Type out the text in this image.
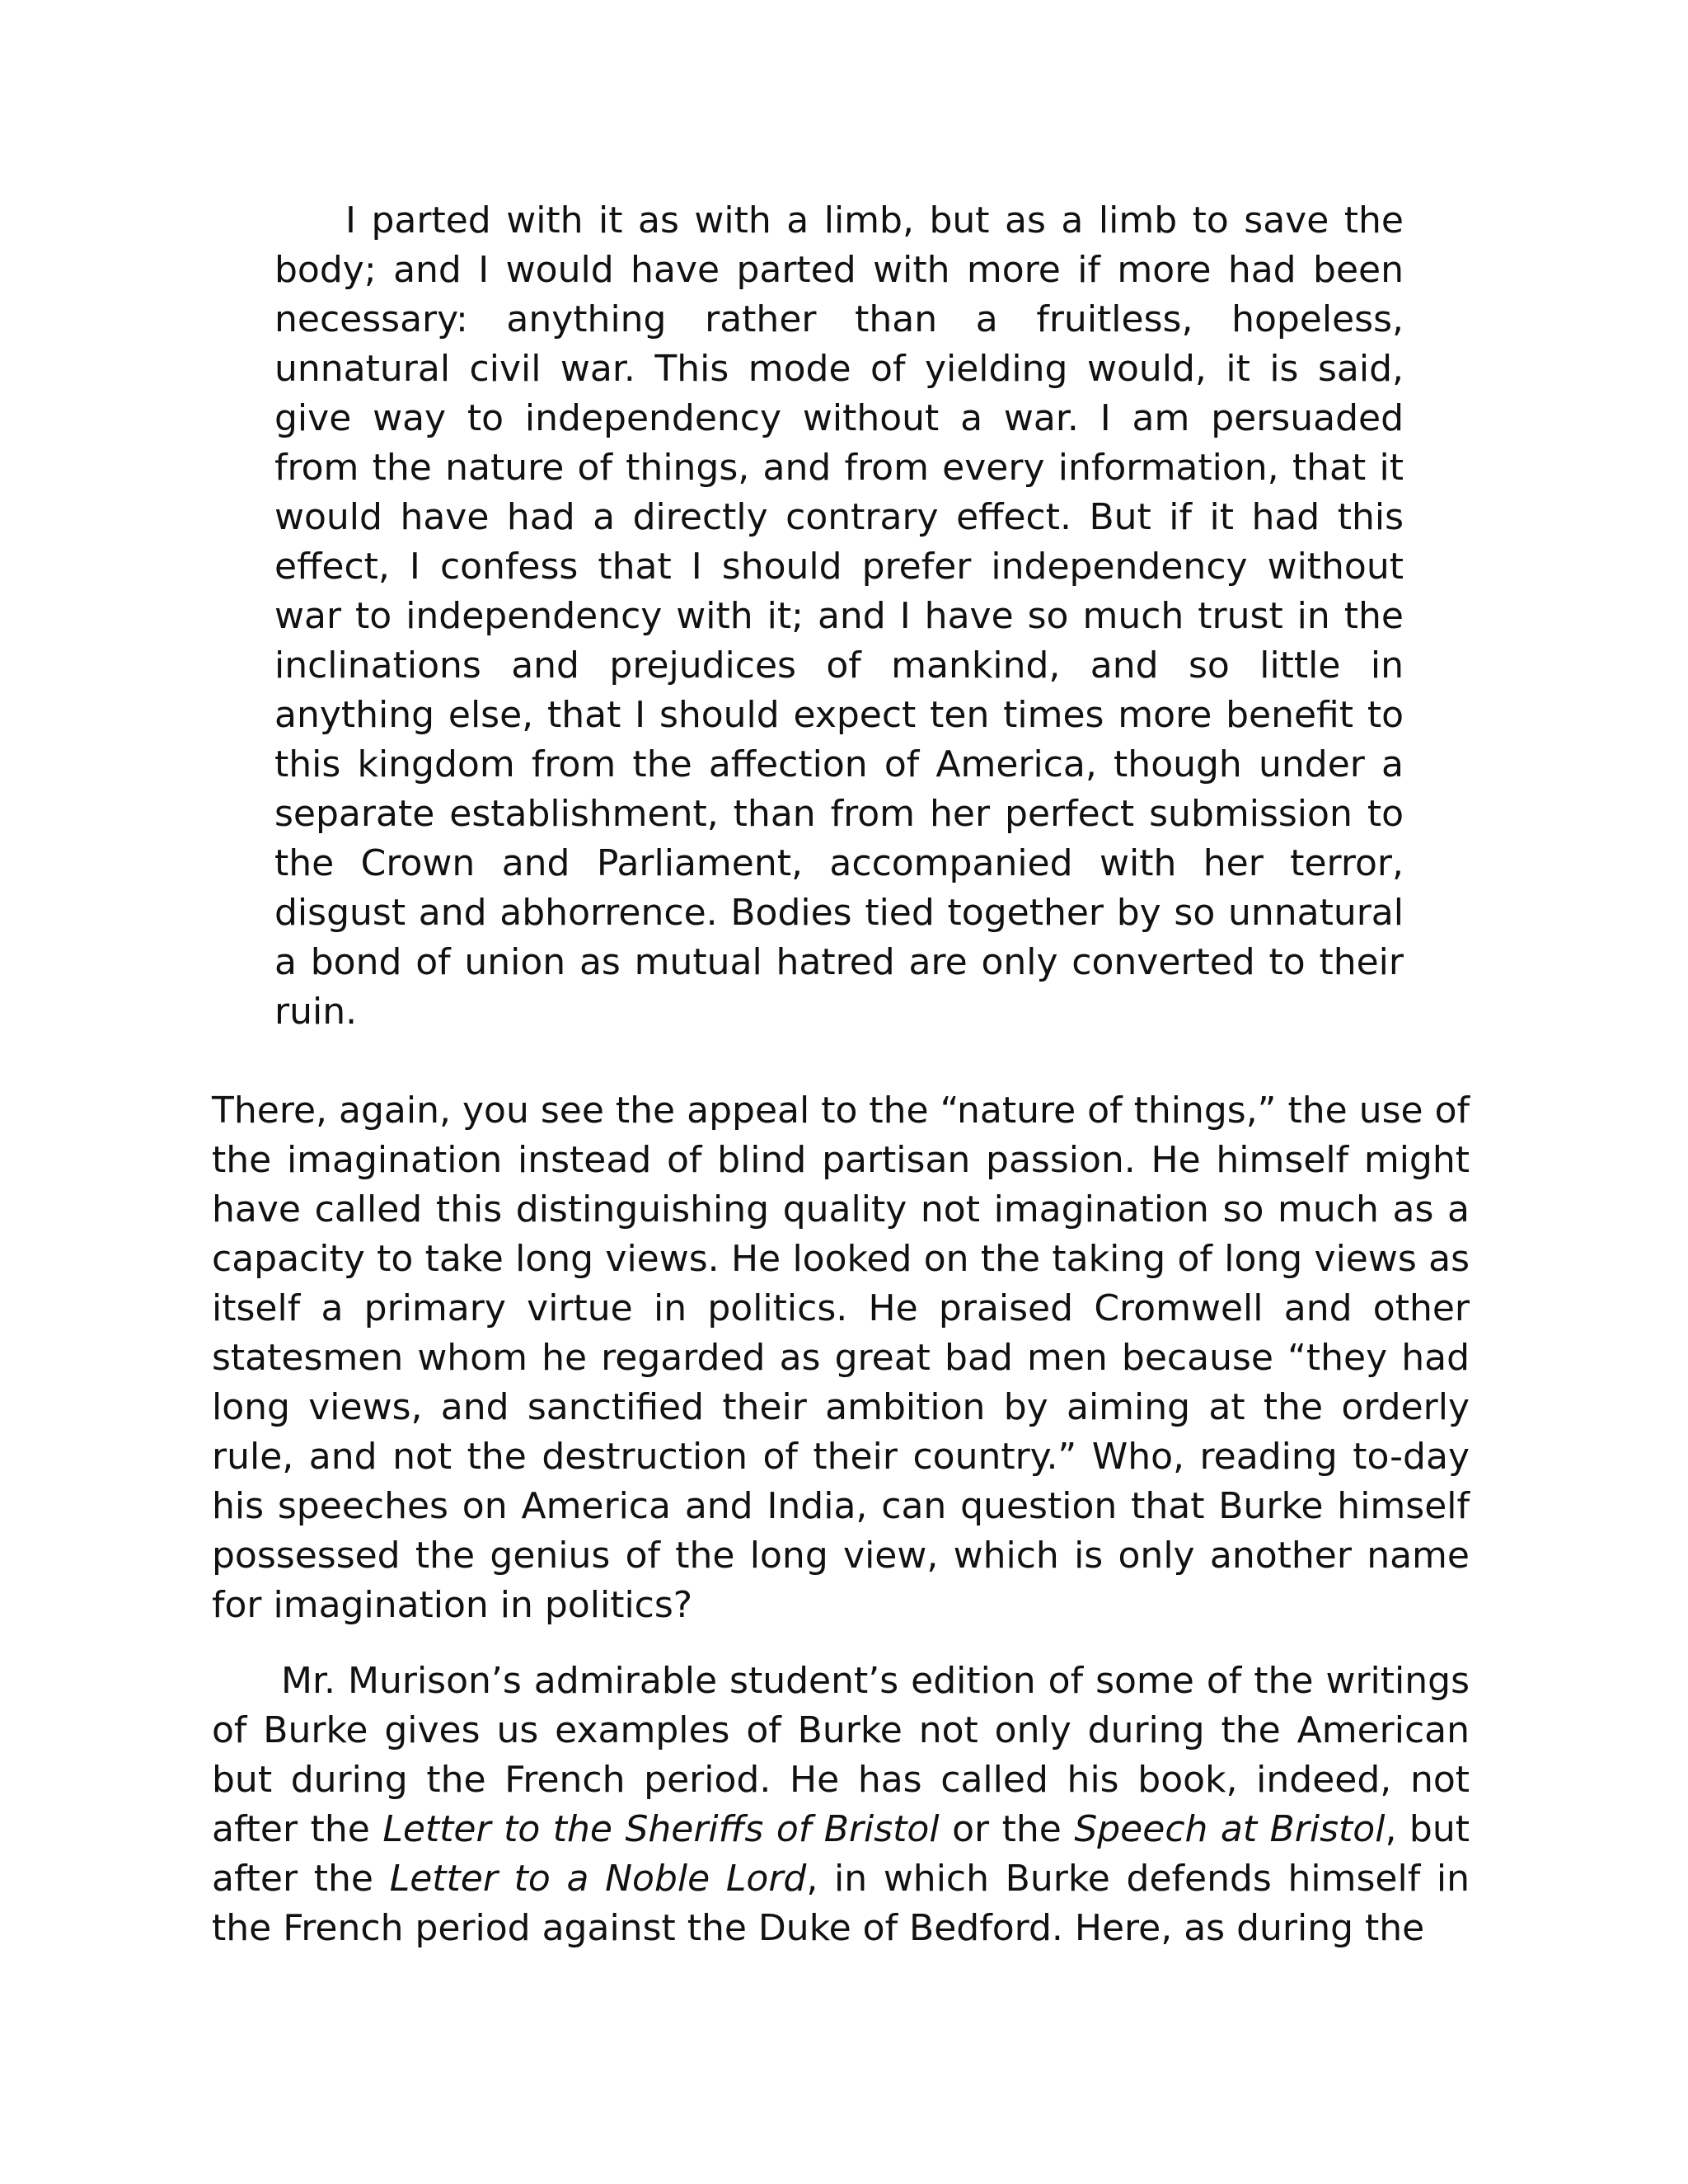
I parted with it as with a limb, but as a limb to save the body; and I would have parted with more if more had been necessary: anything rather than a fruitless, hopeless, unnatural civil war. This mode of yielding would, it is said, give way to independency without a war. I am persuaded from the nature of things, and from every information, that it would have had a directly contrary effect. But if it had this effect, I confess that I should prefer independency without war to independency with it; and I have so much trust in the inclinations and prejudices of mankind, and so little in anything else, that I should expect ten times more benefit to this kingdom from the affection of America, though under a separate establishment, than from her perfect submission to the Crown and Parliament, accompanied with her terror, disgust and abhorrence. Bodies tied together by so unnatural a bond of union as mutual hatred are only converted to their ruin.

There, again, you see the appeal to the “nature of things,” the use of the imagination instead of blind partisan passion. He himself might have called this distinguishing quality not imagination so much as a capacity to take long views. He looked on the taking of long views as itself a primary virtue in politics. He praised Cromwell and other statesmen whom he regarded as great bad men because “they had long views, and sanctified their ambition by aiming at the orderly rule, and not the destruction of their country.” Who, reading to-day his speeches on America and India, can question that Burke himself possessed the genius of the long view, which is only another name for imagination in politics?

Mr. Murison’s admirable student’s edition of some of the writings of Burke gives us examples of Burke not only during the American but during the French period. He has called his book, indeed, not after the Letter to the Sheriffs of Bristol or the Speech at Bristol, but after the Letter to a Noble Lord, in which Burke defends himself in the French period against the Duke of Bedford. Here, as during the
